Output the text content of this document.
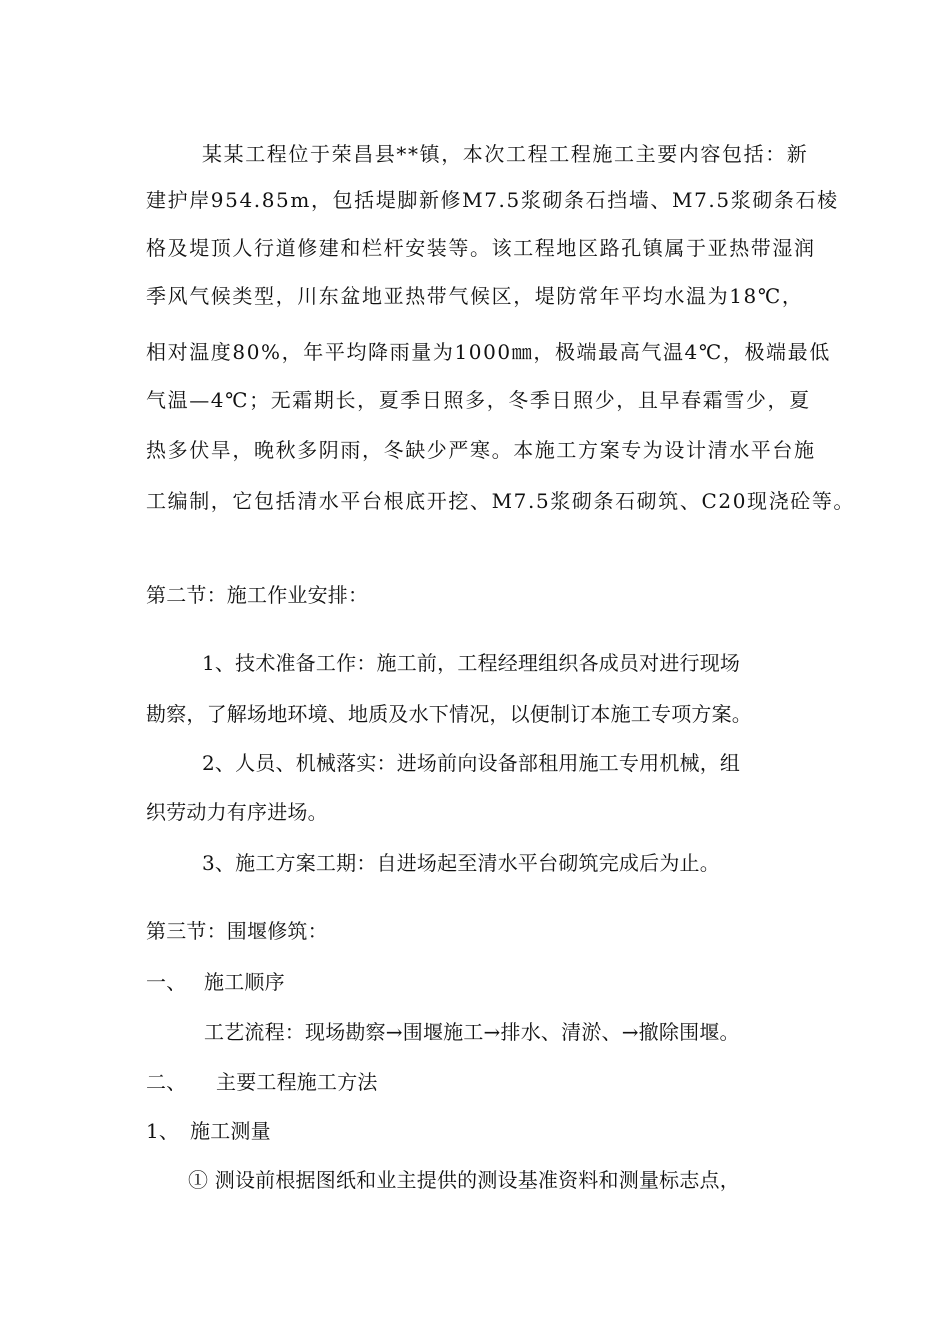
某某工程位于荣昌县**镇，本次工程工程施工主要内容包括：新
建护岸954.85m，包括堤脚新修M7.5浆砌条石挡墙、M7.5浆砌条石棱
格及堤顶人行道修建和栏杆安装等。该工程地区路孔镇属于亚热带湿润
季风气候类型，川东盆地亚热带气候区，堤防常年平均水温为18℃，
相对温度80%，年平均降雨量为1000㎜，极端最高气温4℃，极端最低
气温—4℃；无霜期长，夏季日照多，冬季日照少，且早春霜雪少，夏
热多伏旱，晚秋多阴雨，冬缺少严寒。本施工方案专为设计清水平台施
工编制，它包括清水平台根底开挖、M7.5浆砌条石砌筑、C20现浇砼等。
第二节：施工作业安排：
1、技术准备工作：施工前，工程经理组织各成员对进行现场
勘察，了解场地环境、地质及水下情况，以便制订本施工专项方案。
2、人员、机械落实：进场前向设备部租用施工专用机械，组
织劳动力有序进场。
3、施工方案工期：自进场起至清水平台砌筑完成后为止。
第三节：围堰修筑：
一、 施工顺序
工艺流程：现场勘察→围堰施工→排水、清淤、→撤除围堰。
二、 主要工程施工方法
1、 施工测量
① 测设前根据图纸和业主提供的测设基准资料和测量标志点，
